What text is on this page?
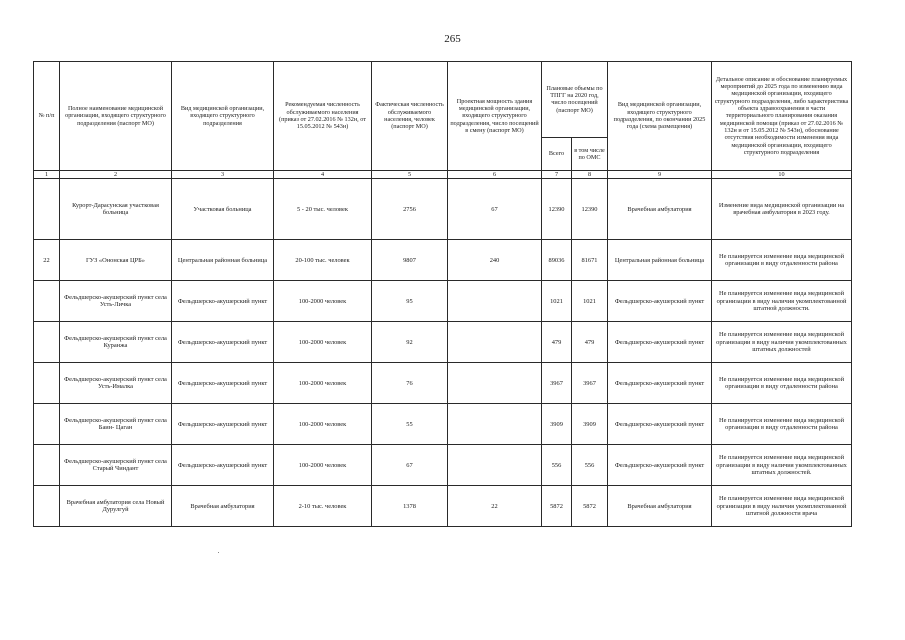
265
№ п/п	Полное наименование медицинской организации, входящего структурного подразделения (паспорт МО)	Вид медицинской организации, входящего структурного подразделения	Рекомендуемая численность обслуживаемого населения (приказ от 27.02.2016 № 132н, от 15.05.2012 № 543н)	Фактическая численность обслуживаемого населения, человек (паспорт МО)	Проектная мощность здания медицинской организации, входящего структурного подразделения, число посещений в смену (паспорт МО)	Плановые объемы по ТПГГ на 2020 год, число посещений (паспорт МО)		Вид медицинской организации, входящего структурного подразделения, по окончании 2025 года (схема размещения)	Детальное описание и обоснование планируемых мероприятий до 2025 года по изменению вида медицинской организации, входящего структурного подразделения, либо характеристика объекта здравоохранения в части территориального планирования оказания медицинской помощи (приказ от 27.02.2016 № 132н и от 15.05.2012 № 543н), обоснование отсутствия необходимости изменения вида медицинской организации, входящего структурного подразделения
						Всего	в том числе по ОМС		
1	2	3	4	5	6	7	8	9	10
	Курорт-Дарасунская участковая больница	Участковая больница	5 - 20 тыс. человек	2756	67	12390	12390	Врачебная амбулатория	Изменение вида медицинской организации на врачебная амбулатория в 2023 году.
22	ГУЗ «Ононская ЦРБ»	Центральная районная больница	20-100 тыс. человек	9807	240	89036	81671	Центральная районная больница	Не планируется изменение вида медицинской организации в виду отдаленности района
	Фельдшерско-акушерский пункт села Усть-Личка	Фельдшерско-акушерский пункт	100-2000 человек	95		1021	1021	Фельдшерско-акушерский пункт	Не планируется изменение вида медицинской организации в виду наличия укомплектованной штатной должности.
	Фельдшерско-акушерский пункт села Куранжа	Фельдшерско-акушерский пункт	100-2000 человек	92		479	479	Фельдшерско-акушерский пункт	Не планируется изменение вида медицинской организации в виду наличия укомплектованных штатных должностей
	Фельдшерско-акушерский пункт села Усть-Ималка	Фельдшерско-акушерский пункт	100-2000 человек	76		3967	3967	Фельдшерско-акушерский пункт	Не планируется изменение вида медицинской организации в виду отдаленности района
	Фельдшерско-акушерский пункт села Баин- Цаган	Фельдшерско-акушерский пункт	100-2000 человек	55		3909	3909	Фельдшерско-акушерский пункт	Не планируется изменение вида медицинской организации в виду отдаленности района
	Фельдшерско-акушерский пункт села Старый Чиндант	Фельдшерско-акушерский пункт	100-2000 человек	67		556	556	Фельдшерско-акушерский пункт	Не планируется изменение вида медицинской организации в виду наличия укомплектованных штатных должностей.
	Врачебная амбулатория села Новый Дурулгуй	Врачебная амбулатория	2-10 тыс. человек	1378	22	5872	5872	Врачебная амбулатория	Не планируется изменение вида медицинской организации в виду наличия укомплектованной штатной должности врача
